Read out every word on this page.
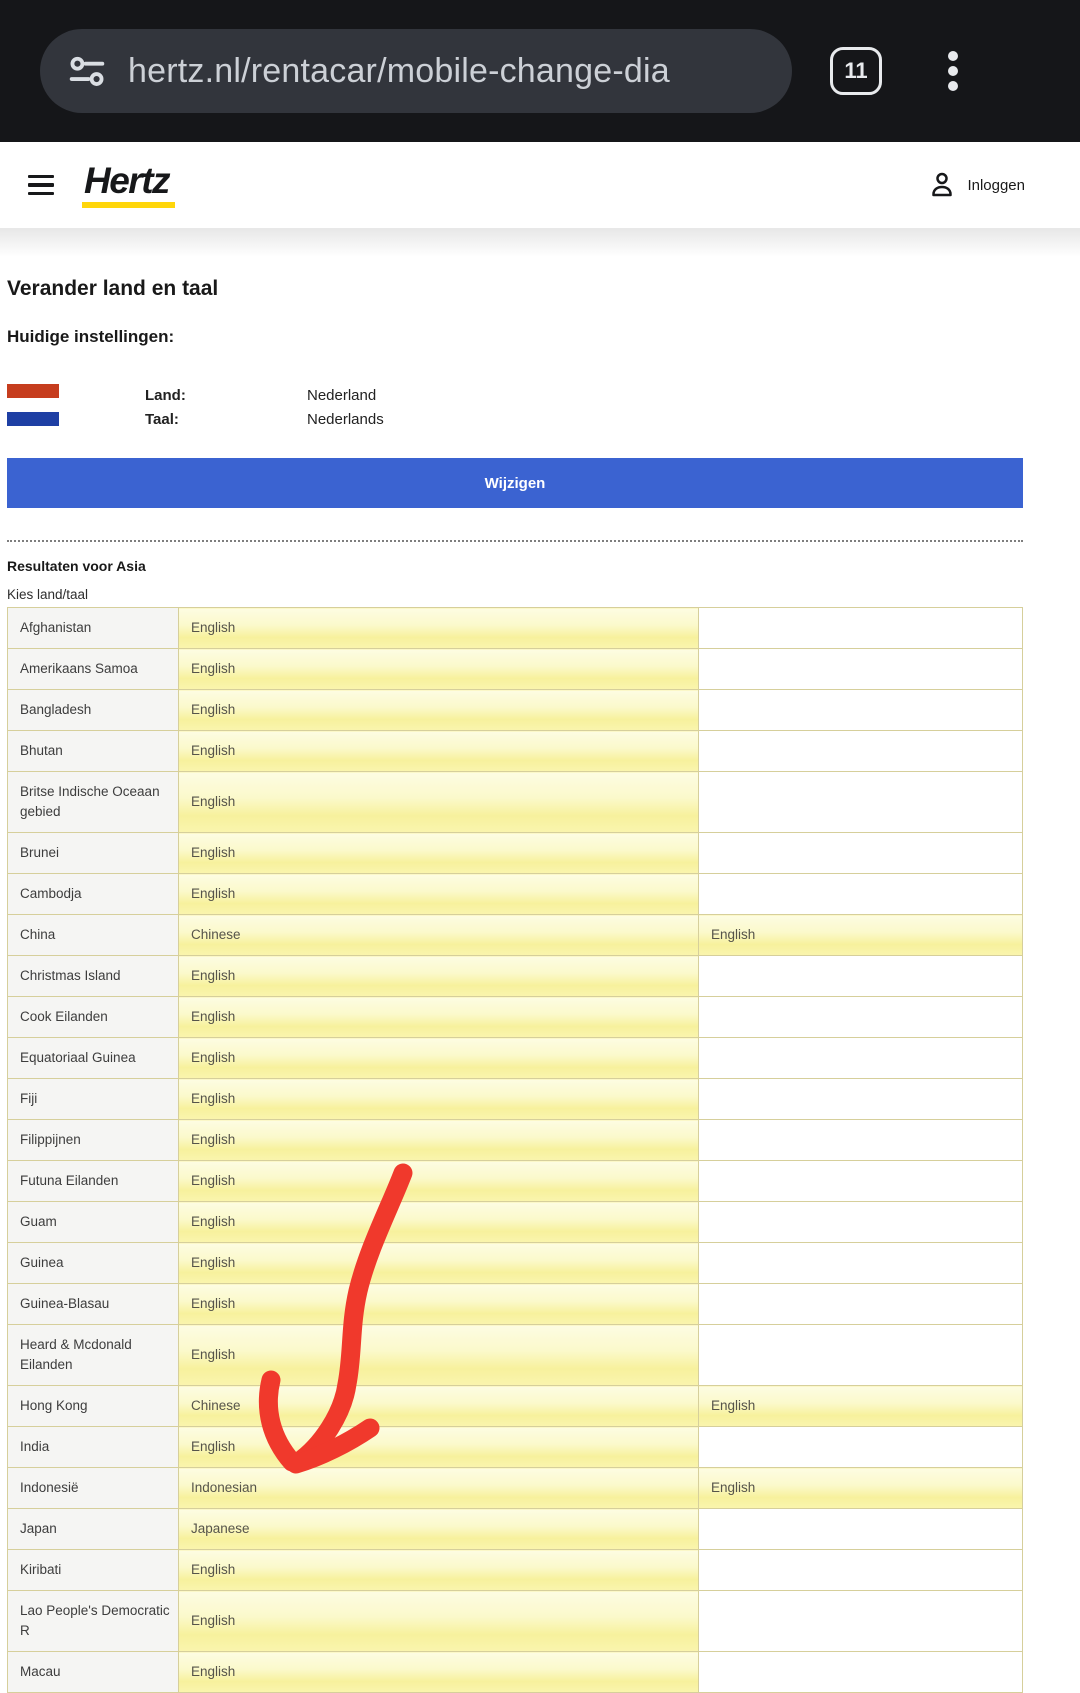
hertz.nl/rentacar/mobile-change-dia	11
Hertz	Inloggen
Verander land en taal
Huidige instellingen:
Land:	Nederland
Taal:	Nederlands
Wijzigen
Resultaten voor Asia
Kies land/taal
Afghanistan	English	
Amerikaans Samoa	English	
Bangladesh	English	
Bhutan	English	
Britse Indische Oceaan gebied	English	
Brunei	English	
Cambodja	English	
China	Chinese	English
Christmas Island	English	
Cook Eilanden	English	
Equatoriaal Guinea	English	
Fiji	English	
Filippijnen	English	
Futuna Eilanden	English	
Guam	English	
Guinea	English	
Guinea-Blasau	English	
Heard & Mcdonald Eilanden	English	
Hong Kong	Chinese	English
India	English	
Indonesië	Indonesian	English
Japan	Japanese	
Kiribati	English	
Lao People's Democratic R	English	
Macau	English	
